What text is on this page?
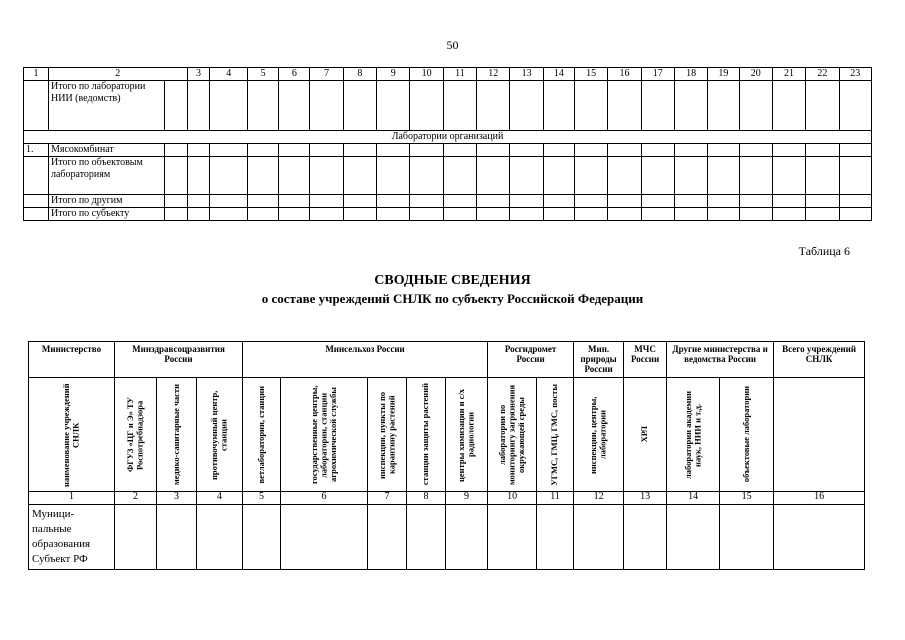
50
1	2		3	4	5	6	7	8	9	10	11	12	13	14	15	16	17	18	19	20	21	22	23
	Итого по лаборатории НИИ (ведомств)																						
Лаборатории организаций																							
1.	Мясокомбинат																						
	Итого по объектовым лабораториям																						
	Итого по другим																						
	Итого по субъекту																						
Таблица 6
СВОДНЫЕ СВЕДЕНИЯ
о составе учреждений СНЛК по субъекту Российской Федерации
Министерство	Минздравсоцразвития России			Минсельхоз России					Росгидромет России		Мин. природы России	МЧС России	Другие министерства и ведомства России		Всего учреждений СНЛК

наименование учреждений СНЛК	ФГУЗ «ЦГ и Э» ТУ Роспотребнадзора	медико-санитарные части	противочумный центр, станции	ветлаборатории, станции	государственные центры, лаборатории, станции агрохимической службы	инспекции, пункты по карантину растений	станции защиты растений	центры химизации и с/х радиологии	лаборатории по мониторингу загрязнения окружающей среды	УГМС, ГМЦ, ГМС, посты	инспекции, центры, лаборатории	ХРЛ	лаборатории академии наук, НИИ и т.д.	объектовые лаборатории	

1	2	3	4	5	6	7	8	9	10	11	12	13	14	15	16
Муници-пальные образования Субъект РФ															
